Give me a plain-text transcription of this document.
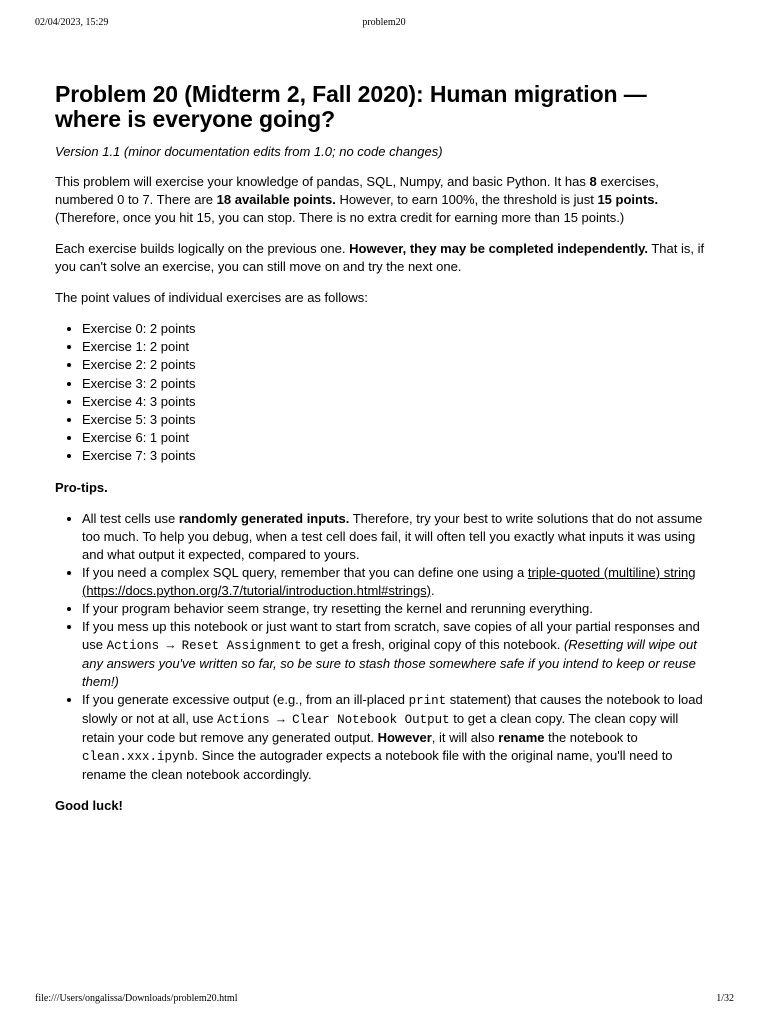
02/04/2023, 15:29	problem20
Problem 20 (Midterm 2, Fall 2020): Human migration — where is everyone going?

Version 1.1 (minor documentation edits from 1.0; no code changes)

This problem will exercise your knowledge of pandas, SQL, Numpy, and basic Python. It has 8 exercises, numbered 0 to 7. There are 18 available points. However, to earn 100%, the threshold is just 15 points. (Therefore, once you hit 15, you can stop. There is no extra credit for earning more than 15 points.)

Each exercise builds logically on the previous one. However, they may be completed independently. That is, if you can't solve an exercise, you can still move on and try the next one.

The point values of individual exercises are as follows:

• Exercise 0: 2 points
• Exercise 1: 2 point
• Exercise 2: 2 points
• Exercise 3: 2 points
• Exercise 4: 3 points
• Exercise 5: 3 points
• Exercise 6: 1 point
• Exercise 7: 3 points

Pro-tips.

• All test cells use randomly generated inputs. Therefore, try your best to write solutions that do not assume too much. To help you debug, when a test cell does fail, it will often tell you exactly what inputs it was using and what output it expected, compared to yours.
• If you need a complex SQL query, remember that you can define one using a triple-quoted (multiline) string (https://docs.python.org/3.7/tutorial/introduction.html#strings).
• If your program behavior seem strange, try resetting the kernel and rerunning everything.
• If you mess up this notebook or just want to start from scratch, save copies of all your partial responses and use Actions → Reset Assignment to get a fresh, original copy of this notebook. (Resetting will wipe out any answers you've written so far, so be sure to stash those somewhere safe if you intend to keep or reuse them!)
• If you generate excessive output (e.g., from an ill-placed print statement) that causes the notebook to load slowly or not at all, use Actions → Clear Notebook Output to get a clean copy. The clean copy will retain your code but remove any generated output. However, it will also rename the notebook to clean.xxx.ipynb. Since the autograder expects a notebook file with the original name, you'll need to rename the clean notebook accordingly.

Good luck!

file:///Users/ongalissa/Downloads/problem20.html	1/32
